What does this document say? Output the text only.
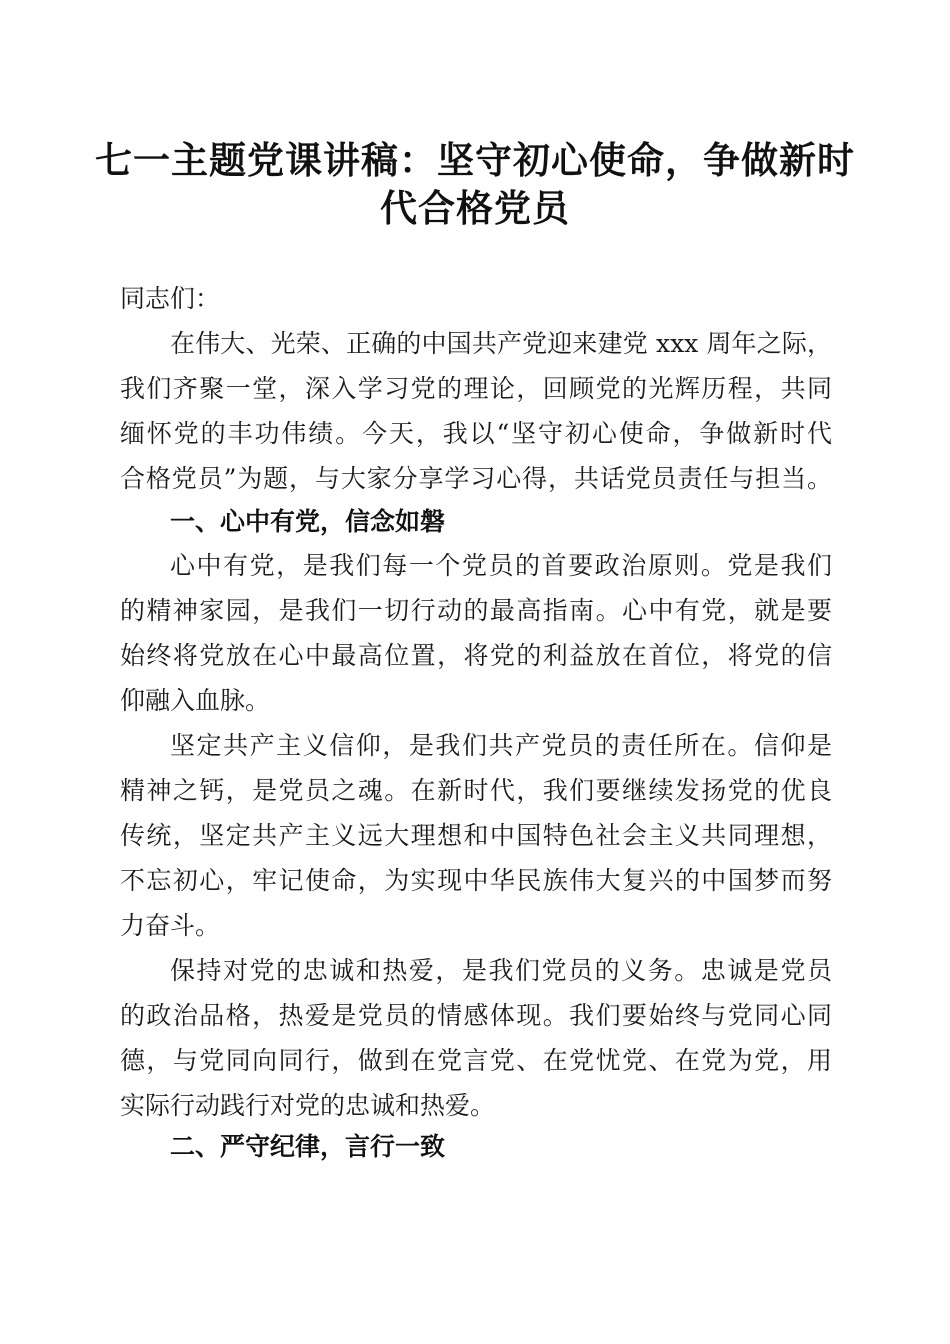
七一主题党课讲稿：坚守初心使命，争做新时
代合格党员
同志们：
在伟大、光荣、正确的中国共产党迎来建党 xxx 周年之际，
我们齐聚一堂，深入学习党的理论，回顾党的光辉历程，共同
缅怀党的丰功伟绩。今天，我以“坚守初心使命，争做新时代
合格党员”为题，与大家分享学习心得，共话党员责任与担当。
一、心中有党，信念如磐
心中有党，是我们每一个党员的首要政治原则。党是我们
的精神家园，是我们一切行动的最高指南。心中有党，就是要
始终将党放在心中最高位置，将党的利益放在首位，将党的信
仰融入血脉。
坚定共产主义信仰，是我们共产党员的责任所在。信仰是
精神之钙，是党员之魂。在新时代，我们要继续发扬党的优良
传统，坚定共产主义远大理想和中国特色社会主义共同理想，
不忘初心，牢记使命，为实现中华民族伟大复兴的中国梦而努
力奋斗。
保持对党的忠诚和热爱，是我们党员的义务。忠诚是党员
的政治品格，热爱是党员的情感体现。我们要始终与党同心同
德，与党同向同行，做到在党言党、在党忧党、在党为党，用
实际行动践行对党的忠诚和热爱。
二、严守纪律，言行一致
